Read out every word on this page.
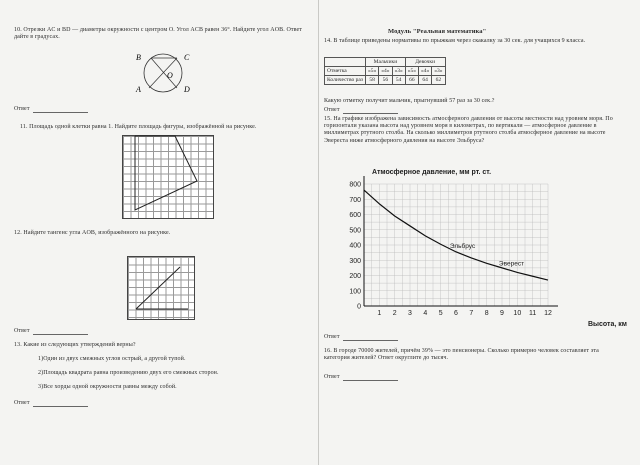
10. Отрезки AC и BD — диаметры окружности с центром O. Угол ACB равен 36°. Найдите угол AOB. Ответ дайте в градусах.
B	C
O
A	D
Ответ
11. Площадь одной клетки равна 1. Найдите площадь фигуры, изображённой на рисунке.
12. Найдите тангенс угла AOB, изображённого на рисунке.
Ответ
13. Какие из следующих утверждений верны?
1)Один из двух смежных углов острый, а другой тупой.
2)Площадь квадрата равна произведению двух его смежных сторон.
3)Все хорды одной окружности равны между собой.
Ответ
Модуль "Реальная математика"
14. В таблице приведены нормативы по прыжкам через скакалку за 30 сек. для учащихся 9 класса.
	Мальчики			Девочки		
Отметка	«5»	«4»	«3»	«5»	«4»	«3»
Количество раз	58	56	54	66	64	62
Какую отметку получит мальчик, прыгнувший 57 раз за 30 сек.?
Ответ
15. На графике изображена зависимость атмосферного давления от высоты местности над уровнем моря. По горизонтали указана высота над уровнем моря в километрах, по вертикали — атмосферное давление в миллиметрах ртутного столба. На сколько миллиметров ртутного столба атмосферное давление на высоте Эвереста ниже атмосферного давления на высоте Эльбруса?
1 2 3 4 5 6 7 8 9 10 11 12
0
100
200
300
400
500
600
700
800
Эльбрус
Эверест
Атмосферное давление, мм рт. ст.
Высота, км
Ответ
16. В городе 70000 жителей, причём 39% — это пенсионеры. Сколько примерно человек составляет эта категория жителей? Ответ округлите до тысяч.
Ответ
